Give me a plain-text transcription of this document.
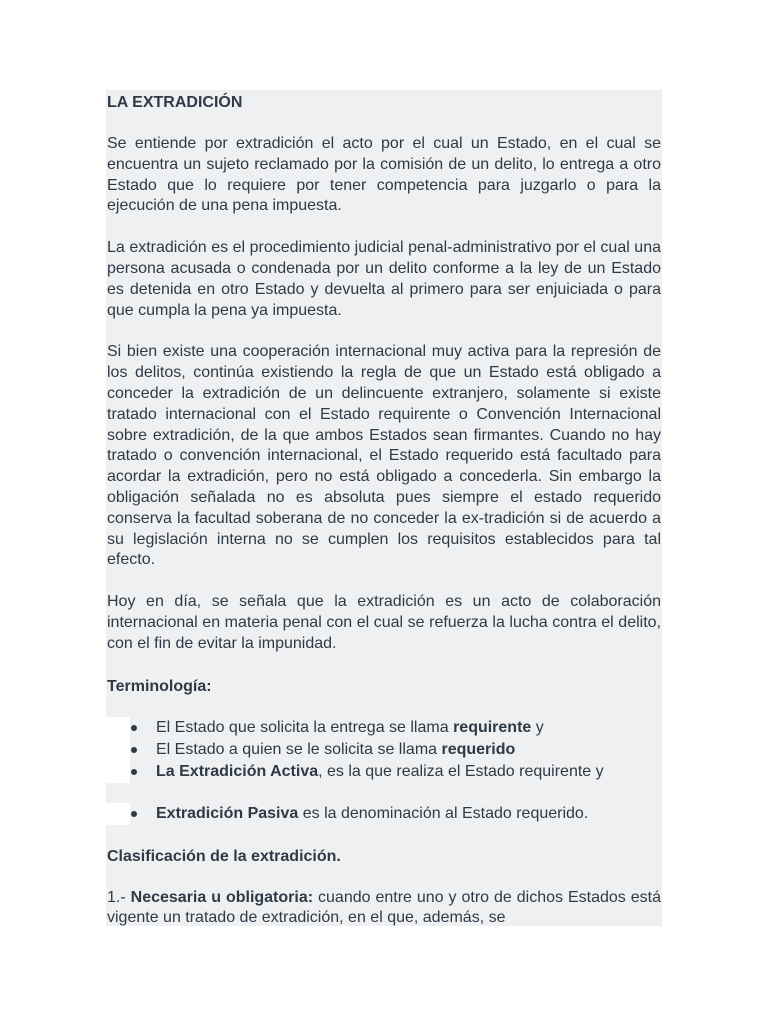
LA EXTRADICIÓN

Se entiende por extradición el acto por el cual un Estado, en el cual se encuentra un sujeto reclamado por la comisión de un delito, lo entrega a otro Estado que lo requiere por tener competencia para juzgarlo o para la ejecución de una pena impuesta.

La extradición es el procedimiento judicial penal-administrativo por el cual una persona acusada o condenada por un delito conforme a la ley de un Estado es detenida en otro Estado y devuelta al primero para ser enjuiciada o para que cumpla la pena ya impuesta.

Si bien existe una cooperación internacional muy activa para la represión de los delitos, continúa existiendo la regla de que un Estado está obligado a conceder la extradición de un delincuente extranjero, solamente si existe tratado internacional con el Estado requirente o Convención Internacional sobre extradición, de la que ambos Estados sean firmantes. Cuando no hay tratado o convención internacional, el Estado requerido está facultado para acordar la extradición, pero no está obligado a concederla. Sin embargo la obligación señalada no es absoluta pues siempre el estado requerido conserva la facultad soberana de no conceder la ex-tradición si de acuerdo a su legislación interna no se cumplen los requisitos establecidos para tal efecto.

Hoy en día, se señala que la extradición es un acto de colaboración internacional en materia penal con el cual se refuerza la lucha contra el delito, con el fin de evitar la impunidad.

Terminología:
El Estado que solicita la entrega se llama requirente y
El Estado a quien se le solicita se llama requerido
La Extradición Activa, es la que realiza el Estado requirente y
Extradición Pasiva es la denominación al Estado requerido.
Clasificación de la extradición.

1.- Necesaria u obligatoria: cuando entre uno y otro de dichos Estados está vigente un tratado de extradición, en el que, además, se
